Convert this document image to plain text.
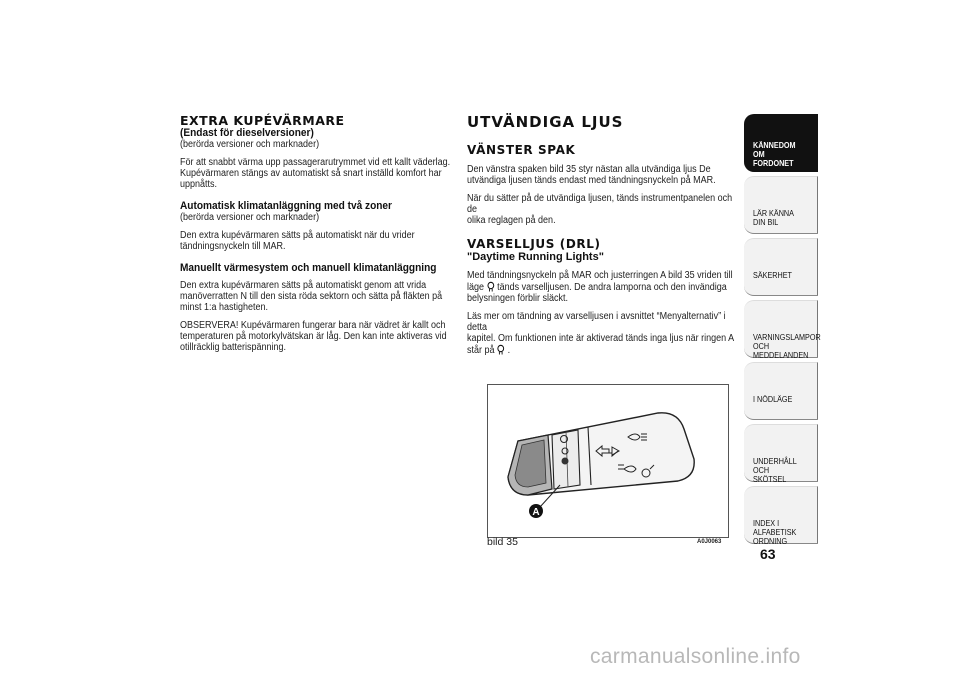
EXTRA KUPÉVÄRMARE
(Endast för dieselversioner)
(berörda versioner och marknader)
För att snabbt värma upp passagerarutrymmet vid ett kallt väderlag.
Kupévärmaren stängs av automatiskt så snart inställd komfort har
uppnåtts.
Automatisk klimatanläggning med två zoner
(berörda versioner och marknader)
Den extra kupévärmaren sätts på automatiskt när du vrider
tändningsnyckeln till MAR.
Manuellt värmesystem och manuell klimatanläggning
Den extra kupévärmaren sätts på automatiskt genom att vrida
manöverratten N till den sista röda sektorn och sätta på fläkten på
minst 1:a hastigheten.
OBSERVERA! Kupévärmaren fungerar bara när vädret är kallt och
temperaturen på motorkylvätskan är låg. Den kan inte aktiveras vid
otillräcklig batterispänning.
UTVÄNDIGA LJUS
VÄNSTER SPAK
Den vänstra spaken bild 35 styr nästan alla utvändiga ljus De
utvändiga ljusen tänds endast med tändningsnyckeln på MAR.
När du sätter på de utvändiga ljusen, tänds instrumentpanelen och de
olika reglagen på den.
VARSELLJUS (DRL)
"Daytime Running Lights"
Med tändningsnyckeln på MAR och justerringen A bild 35 vriden till
läge  tänds varselljusen. De andra lamporna och den invändiga
belysningen förblir släckt.
Läs mer om tändning av varselljusen i avsnittet “Menyalternativ” i detta
kapitel. Om funktionen inte är aktiverad tänds inga ljus när ringen A
står på  .
A
bild 35	A0J0063
KÄNNEDOM OM
FORDONET
LÄR KÄNNA DIN BIL
SÄKERHET
VARNINGSLAMPOR
OCH MEDDELANDEN
I NÖDLÄGE
UNDERHÅLL OCH
SKÖTSEL
INDEX I ALFABETISK
ORDNING
63
carmanualsonline.info
